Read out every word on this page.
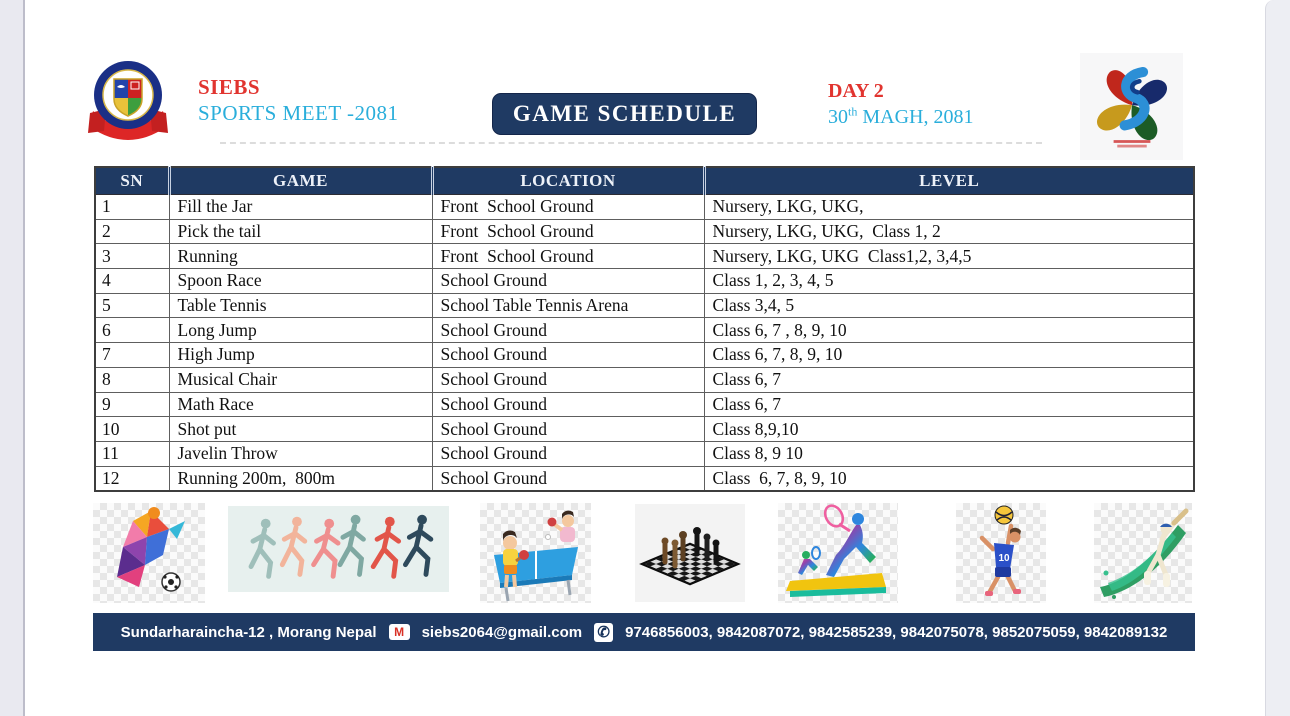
SIEBS
SPORTS MEET -2081	GAME SCHEDULE
DAY 2
30th MAGH, 2081
SN	GAME	LOCATION	LEVEL
1	Fill the Jar	Front  School Ground	Nursery, LKG, UKG,
2	Pick the tail	Front  School Ground	Nursery, LKG, UKG,  Class 1, 2
3	Running	Front  School Ground	Nursery, LKG, UKG  Class1,2, 3,4,5
4	Spoon Race	School Ground	Class 1, 2, 3, 4, 5
5	Table Tennis	School Table Tennis Arena	Class 3,4, 5
6	Long Jump	School Ground	Class 6, 7 , 8, 9, 10
7	High Jump	School Ground	Class 6, 7, 8, 9, 10
8	Musical Chair	School Ground	Class 6, 7
9	Math Race	School Ground	Class 6, 7
10	Shot put	School Ground	Class 8,9,10
11	Javelin Throw	School Ground	Class 8, 9 10
12	Running 200m,  800m	School Ground	Class  6, 7, 8, 9, 10
10
Sundarharaincha-12 , Morang Nepal	M	siebs2064@gmail.com ✆ 9746856003, 9842087072, 9842585239, 9842075078, 9852075059, 9842089132
